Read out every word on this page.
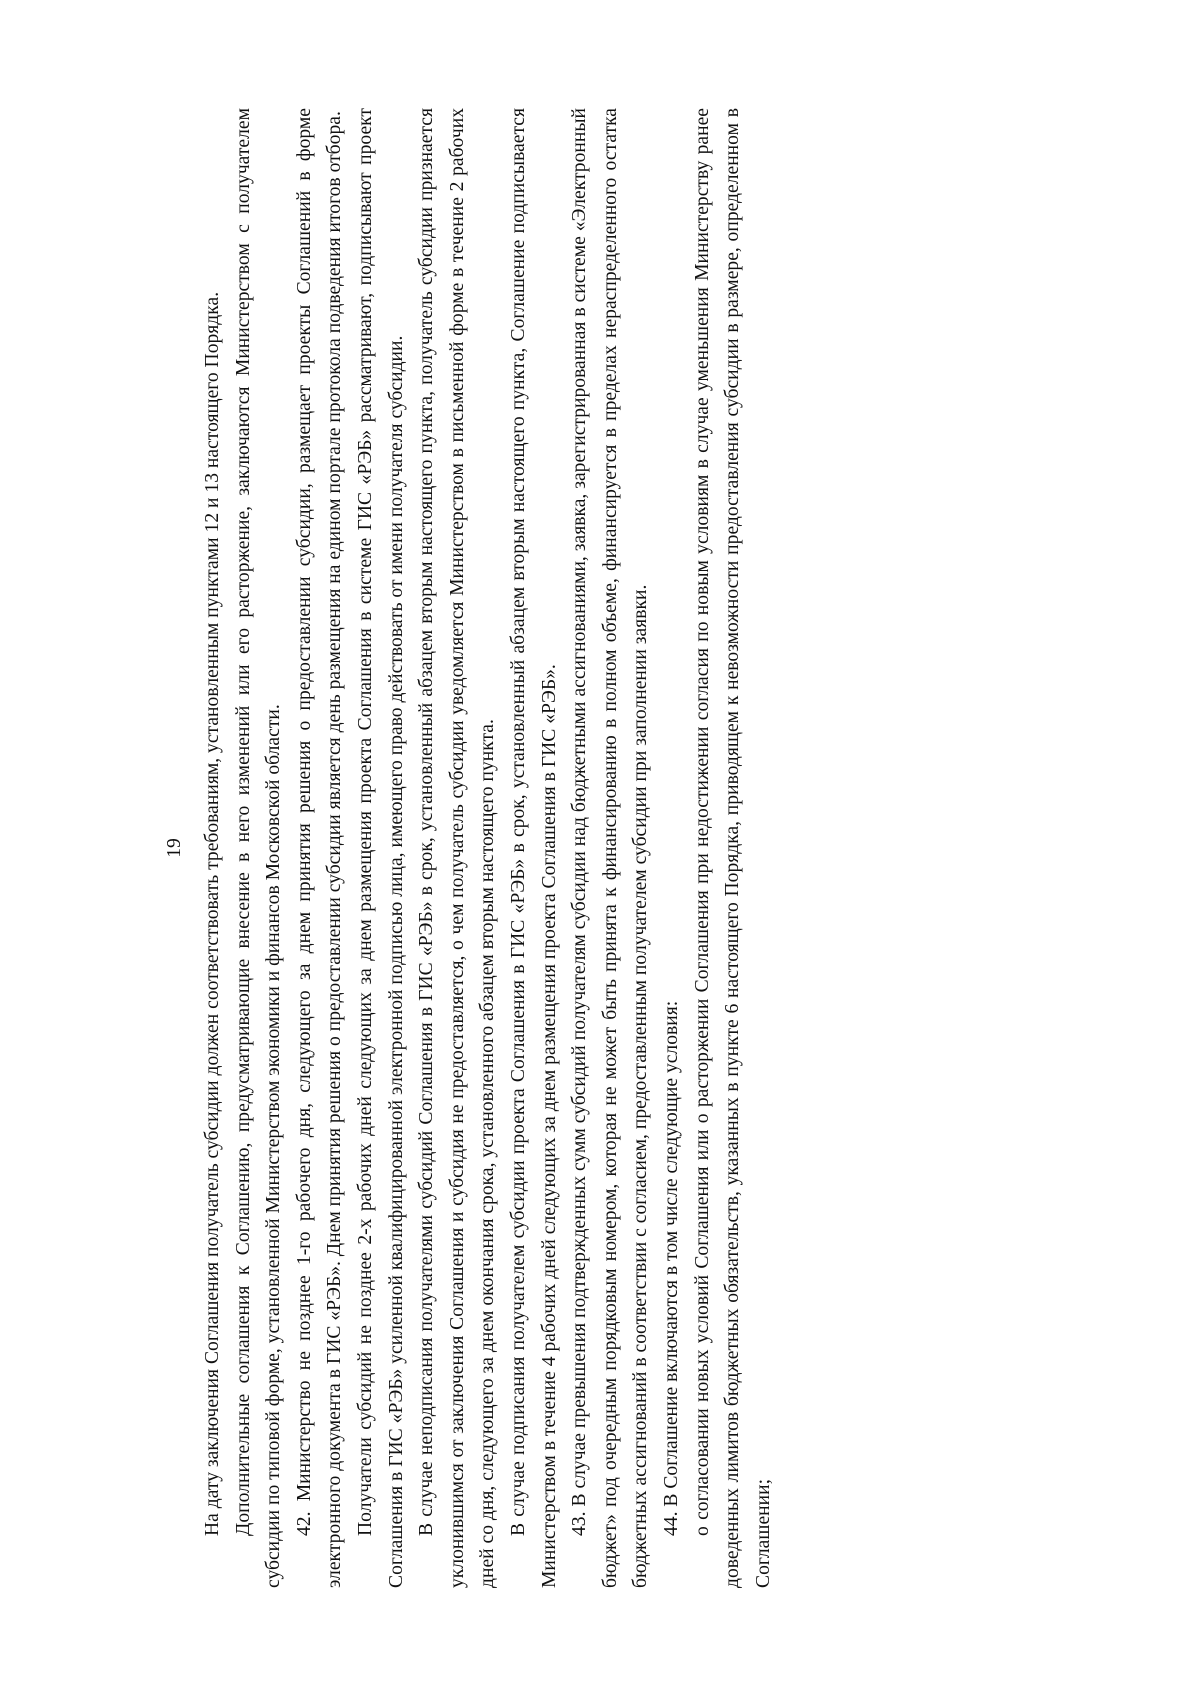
19 На дату заключения Соглашения получатель субсидии должен соответствовать требованиям, установленным пунктами 12 и 13 настоящего Порядка. Дополнительные соглашения к Соглашению, предусматривающие внесение в него изменений или его расторжение, заключаются Министерством с получателем субсидии по типовой форме, установленной Министерством экономики и финансов Московской области. 42. Министерство не позднее 1-го рабочего дня, следующего за днем принятия решения о предоставлении субсидии, размещает проекты Соглашений в форме электронного документа в ГИС «РЭБ». Днем принятия решения о предоставлении субсидии является день размещения на едином портале протокола подведения итогов отбора. Получатели субсидий не позднее 2-х рабочих дней следующих за днем размещения проекта Соглашения в системе ГИС «РЭБ» рассматривают, подписывают проект Соглашения в ГИС «РЭБ» усиленной квалифицированной электронной подписью лица, имеющего право действовать от имени получателя субсидии. В случае неподписания получателями субсидий Соглашения в ГИС «РЭБ» в срок, установленный абзацем вторым настоящего пункта, получатель субсидии признается уклонившимся от заключения Соглашения и субсидия не предоставляется, о чем получатель субсидии уведомляется Министерством в письменной форме в течение 2 рабочих дней со дня, следующего за днем окончания срока, установленного абзацем вторым настоящего пункта. В случае подписания получателем субсидии проекта Соглашения в ГИС «РЭБ» в срок, установленный абзацем вторым настоящего пункта, Соглашение подписывается Министерством в течение 4 рабочих дней следующих за днем размещения проекта Соглашения в ГИС «РЭБ». 43. В случае превышения подтвержденных сумм субсидий получателям субсидии над бюджетными ассигнованиями, заявка, зарегистрированная в системе «Электронный бюджет» под очередным порядковым номером, которая не может быть принята к финансированию в полном объеме, финансируется в пределах нераспределенного остатка бюджетных ассигнований в соответствии с согласием, предоставленным получателем субсидии при заполнении заявки. 44. В Соглашение включаются в том числе следующие условия: о согласовании новых условий Соглашения или о расторжении Соглашения при недостижении согласия по новым условиям в случае уменьшения Министерству ранее доведенных лимитов бюджетных обязательств, указанных в пункте 6 настоящего Порядка, приводящем к невозможности предоставления субсидии в размере, определенном в Соглашении;
